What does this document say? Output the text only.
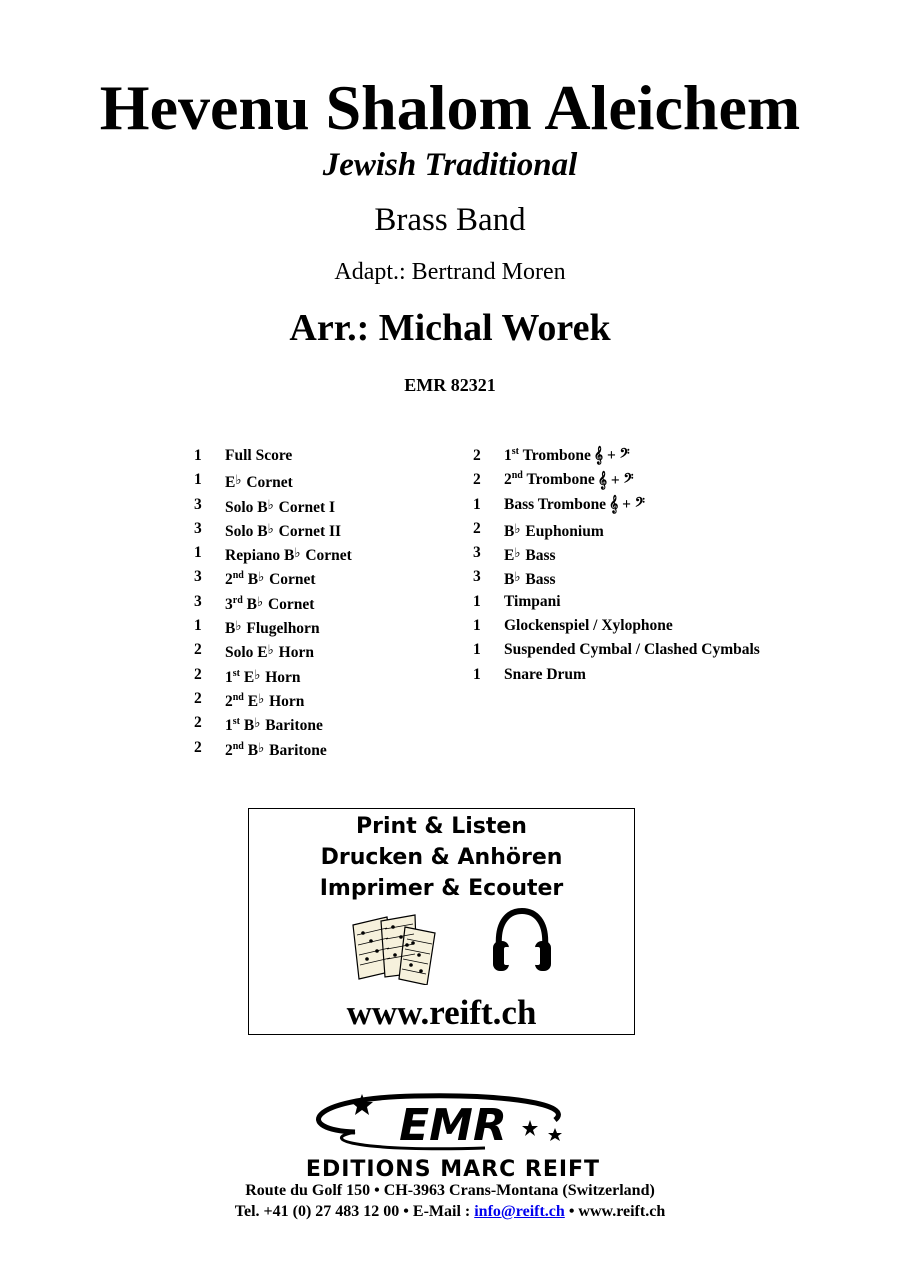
Hevenu Shalom Aleichem
Jewish Traditional
Brass Band
Adapt.: Bertrand Moren
Arr.: Michal Worek
EMR 82321
1 Full Score
1 E♭ Cornet
3 Solo B♭ Cornet I
3 Solo B♭ Cornet II
1 Repiano B♭ Cornet
3 2nd B♭ Cornet
3 3rd B♭ Cornet
1 B♭ Flugelhorn
2 Solo E♭ Horn
2 1st E♭ Horn
2 2nd E♭ Horn
2 1st B♭ Baritone
2 2nd B♭ Baritone
2 1st Trombone 𝄞 + 𝄢
2 2nd Trombone 𝄞 + 𝄢
1 Bass Trombone 𝄞 + 𝄢
2 B♭ Euphonium
3 E♭ Bass
3 B♭ Bass
1 Timpani
1 Glockenspiel / Xylophone
1 Suspended Cymbal / Clashed Cymbals
1 Snare Drum
Print & Listen
Drucken & Anhören
Imprimer & Ecouter
www.reift.ch
EMR
EDITIONS MARC REIFT
Route du Golf 150 • CH-3963 Crans-Montana (Switzerland)
Tel. +41 (0) 27 483 12 00 • E-Mail : info@reift.ch • www.reift.ch
